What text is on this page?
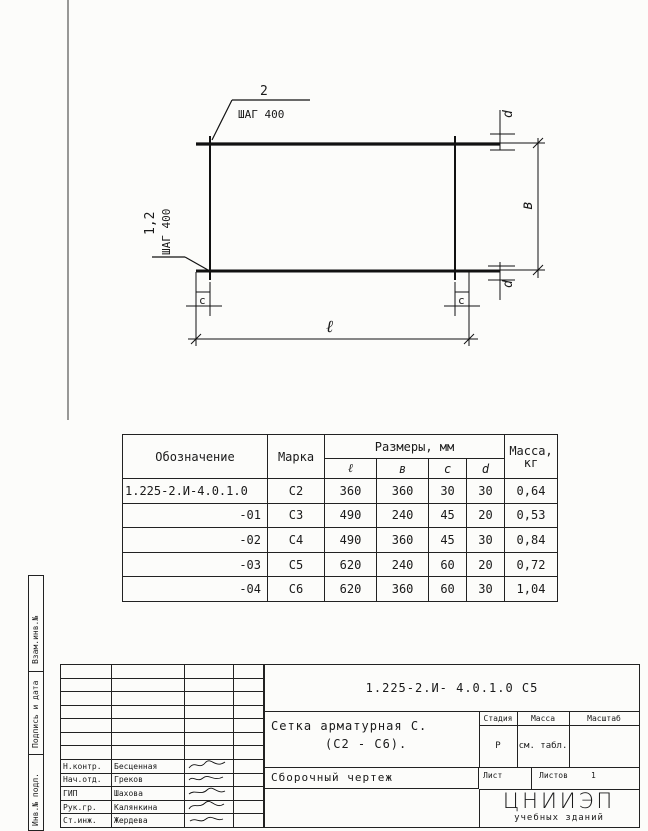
2
ШАГ 400
1,2 ШАГ 400
в
d
d
c	c
ℓ
Обозначение	Марка	Размеры, мм				Масса,
кг
		ℓ	в	c	d	
1.225-2.И-4.0.1.0	С2	360	360	30	30	0,64
-01	С3	490	240	45	20	0,53
-02	С4	490	360	45	30	0,84
-03	С5	620	240	60	20	0,72
-04	С6	620	360	60	30	1,04
Взам.инв.№
Подпись и дата
Инв.№ подл.

Н.контр.	Бесценная		
Нач.отд.	Греков		
ГИП	Шахова		
Рук.гр.	Калянкина		
Ст.инж.	Жердева		
1.225-2.И- 4.0.1.0 С5
Сетка арматурная С.
(С2 - С6).
Сборочный чертеж
Стадия	Масса	Масштаб
Р	см. табл.
Лист	Листов	1
ЦНИИЭП
учебных зданий
